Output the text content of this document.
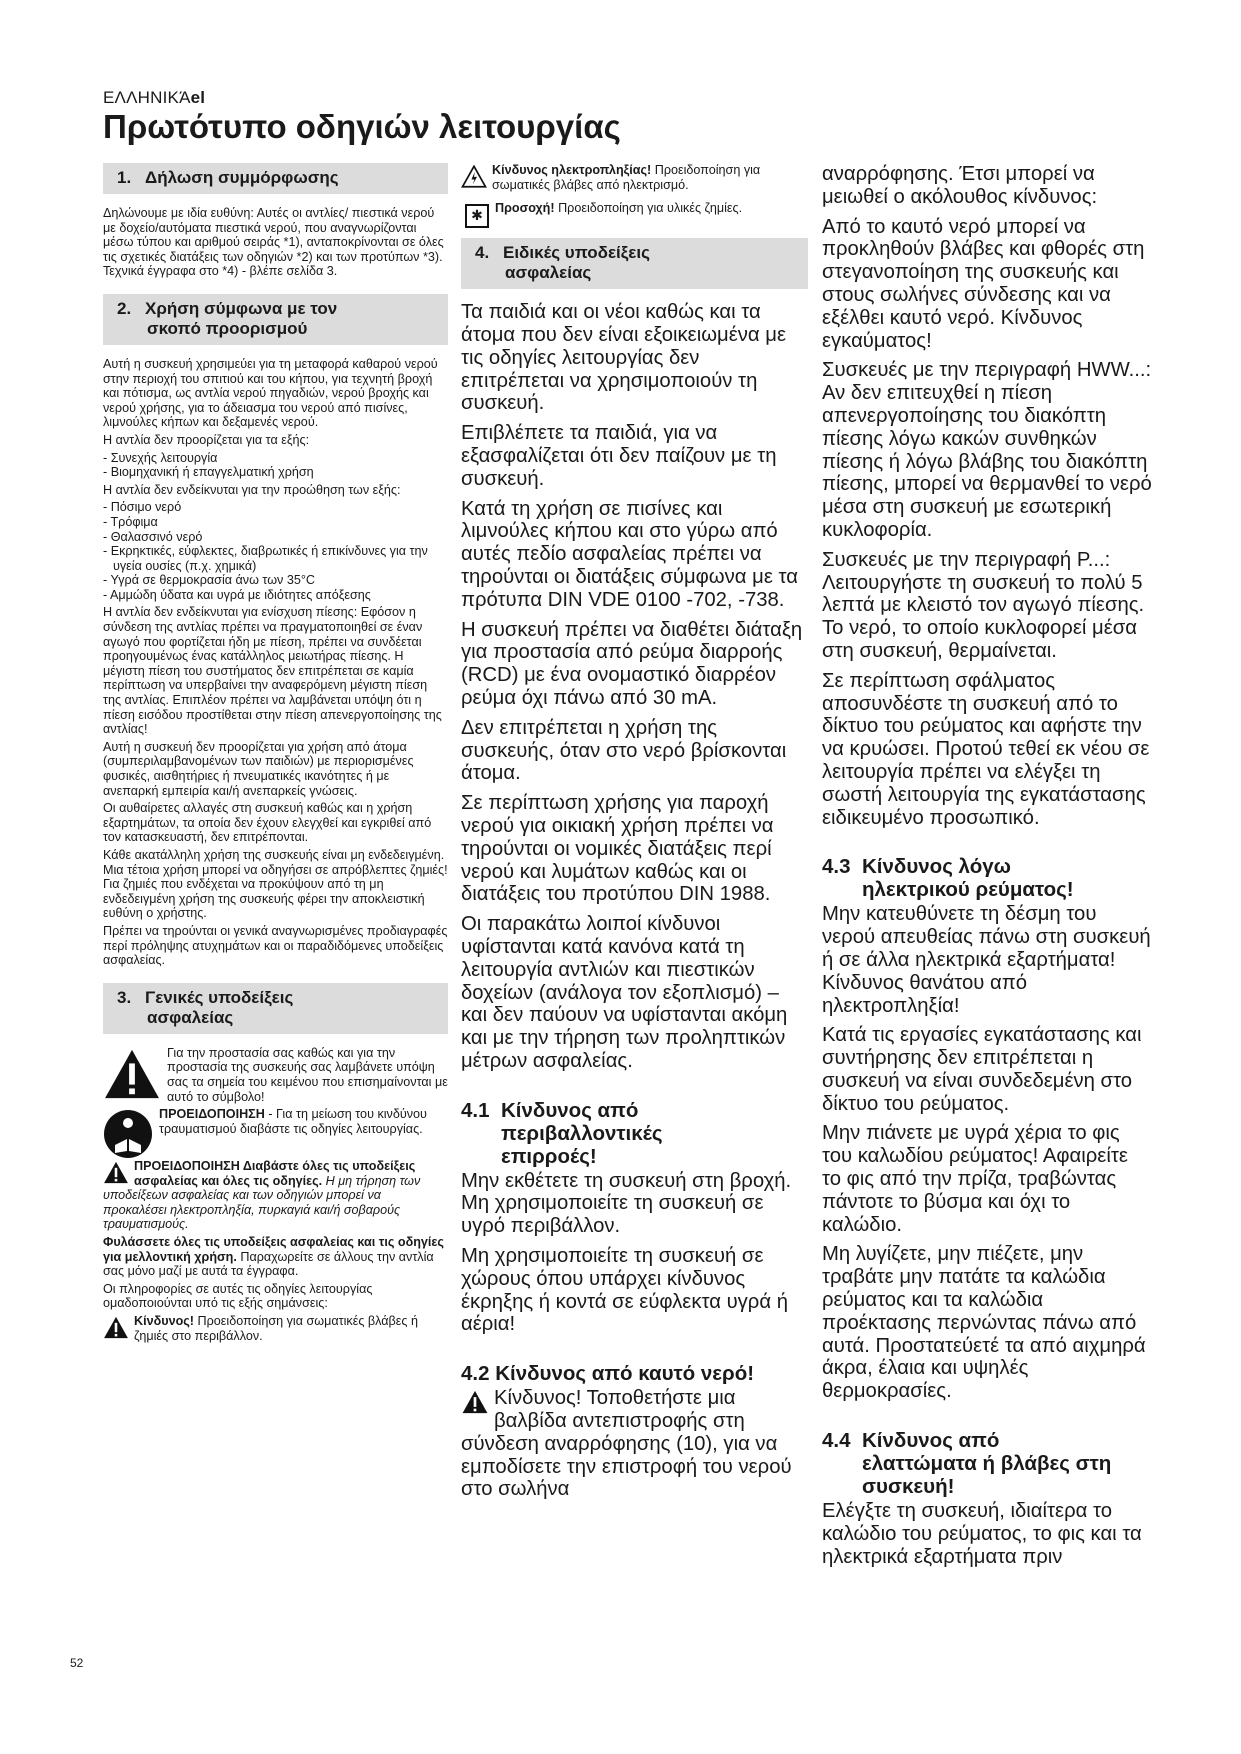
ΕΛΛΗΝΙΚΆel
Πρωτότυπο οδηγιών λειτουργίας
1. Δήλωση συμμόρφωσης

Δηλώνουμε με ιδία ευθύνη: Αυτές οι αντλίες/ πιεστικά νερού με δοχείο/αυτόματα πιεστικά νερού, που αναγνωρίζονται μέσω τύπου και αριθμού σειράς *1), ανταποκρίνονται σε όλες τις σχετικές διατάξεις των οδηγιών *2) και των προτύπων *3). Τεχνικά έγγραφα στο *4) - βλέπε σελίδα 3.

2. Χρήση σύμφωνα με τον
σκοπό προορισμού

Αυτή η συσκευή χρησιμεύει για τη μεταφορά καθαρού νερού στην περιοχή του σπιτιού και του κήπου, για τεχνητή βροχή και πότισμα, ως αντλία νερού πηγαδιών, νερού βροχής και νερού χρήσης, για το άδειασμα του νερού από πισίνες, λιμνούλες κήπων και δεξαμενές νερού.

Η αντλία δεν προορίζεται για τα εξής:

- Συνεχής λειτουργία
- Βιομηχανική ή επαγγελματική χρήση

Η αντλία δεν ενδείκνυται για την προώθηση των εξής:

- Πόσιμο νερό
- Τρόφιμα
- Θαλασσινό νερό
- Εκρηκτικές, εύφλεκτες, διαβρωτικές ή επικίνδυνες για την υγεία ουσίες (π.χ. χημικά)
- Υγρά σε θερμοκρασία άνω των 35°C
- Αμμώδη ύδατα και υγρά με ιδιότητες απόξεσης

Η αντλία δεν ενδείκνυται για ενίσχυση πίεσης: Εφόσον η σύνδεση της αντλίας πρέπει να πραγματοποιηθεί σε έναν αγωγό που φορτίζεται ήδη με πίεση, πρέπει να συνδέεται προηγουμένως ένας κατάλληλος μειωτήρας πίεσης. Η μέγιστη πίεση του συστήματος δεν επιτρέπεται σε καμία περίπτωση να υπερβαίνει την αναφερόμενη μέγιστη πίεση της αντλίας. Επιπλέον πρέπει να λαμβάνεται υπόψη ότι η πίεση εισόδου προστίθεται στην πίεση απενεργοποίησης της αντλίας!

Αυτή η συσκευή δεν προορίζεται για χρήση από άτομα (συμπεριλαμβανομένων των παιδιών) με περιορισμένες φυσικές, αισθητήριες ή πνευματικές ικανότητες ή με ανεπαρκή εμπειρία και/ή ανεπαρκείς γνώσεις.

Οι αυθαίρετες αλλαγές στη συσκευή καθώς και η χρήση εξαρτημάτων, τα οποία δεν έχουν ελεγχθεί και εγκριθεί από τον κατασκευαστή, δεν επιτρέπονται.

Κάθε ακατάλληλη χρήση της συσκευής είναι μη ενδεδειγμένη. Μια τέτοια χρήση μπορεί να οδηγήσει σε απρόβλεπτες ζημιές! Για ζημιές που ενδέχεται να προκύψουν από τη μη ενδεδειγμένη χρήση της συσκευής φέρει την αποκλειστική ευθύνη ο χρήστης.

Πρέπει να τηρούνται οι γενικά αναγνωρισμένες προδιαγραφές περί πρόληψης ατυχημάτων και οι παραδιδόμενες υποδείξεις ασφαλείας.

3. Γενικές υποδείξεις
ασφαλείας
Για την προστασία σας καθώς και για την προστασία της συσκευής σας λαμβάνετε υπόψη σας τα σημεία του κειμένου που επισημαίνονται με αυτό το σύμβολο!
ΠΡΟΕΙΔΟΠΟΙΗΣΗ - Για τη μείωση του κινδύνου τραυματισμού διαβάστε τις οδηγίες λειτουργίας.
ΠΡΟΕΙΔΟΠΟΙΗΣΗ Διαβάστε όλες τις υποδείξεις ασφαλείας και όλες τις οδηγίες. Η μη τήρηση των υποδείξεων ασφαλείας και των οδηγιών μπορεί να προκαλέσει ηλεκτροπληξία, πυρκαγιά και/ή σοβαρούς τραυματισμούς.
Φυλάσσετε όλες τις υποδείξεις ασφαλείας και τις οδηγίες για μελλοντική χρήση. Παραχωρείτε σε άλλους την αντλία σας μόνο μαζί με αυτά τα έγγραφα.

Οι πληροφορίες σε αυτές τις οδηγίες λειτουργίας ομαδοποιούνται υπό τις εξής σημάνσεις:

Κίνδυνος! Προειδοποίηση για σωματικές βλάβες ή ζημιές στο περιβάλλον.
Κίνδυνος ηλεκτροπληξίας! Προειδοποίηση για σωματικές βλάβες από ηλεκτρισμό.
✱ Προσοχή! Προειδοποίηση για υλικές ζημίες.
4. Ειδικές υποδείξεις
ασφαλείας

Τα παιδιά και οι νέοι καθώς και τα άτομα που δεν είναι εξοικειωμένα με τις οδηγίες λειτουργίας δεν επιτρέπεται να χρησιμοποιούν τη συσκευή.

Επιβλέπετε τα παιδιά, για να εξασφαλίζεται ότι δεν παίζουν με τη συσκευή.

Κατά τη χρήση σε πισίνες και λιμνούλες κήπου και στο γύρω από αυτές πεδίο ασφαλείας πρέπει να τηρούνται οι διατάξεις σύμφωνα με τα πρότυπα DIN VDE 0100 -702, -738.

Η συσκευή πρέπει να διαθέτει διάταξη για προστασία από ρεύμα διαρροής (RCD) με ένα ονομαστικό διαρρέον ρεύμα όχι πάνω από 30 mA.

Δεν επιτρέπεται η χρήση της συσκευής, όταν στο νερό βρίσκονται άτομα.

Σε περίπτωση χρήσης για παροχή νερού για οικιακή χρήση πρέπει να τηρούνται οι νομικές διατάξεις περί νερού και λυμάτων καθώς και οι διατάξεις του προτύπου DIN 1988.

Οι παρακάτω λοιποί κίνδυνοι υφίστανται κατά κανόνα κατά τη λειτουργία αντλιών και πιεστικών δοχείων (ανάλογα τον εξοπλισμό) – και δεν παύουν να υφίστανται ακόμη και με την τήρηση των προληπτικών μέτρων ασφαλείας.

4.1 Κίνδυνος από
περιβαλλοντικές
επιρροές!

Μην εκθέτετε τη συσκευή στη βροχή. Μη χρησιμοποιείτε τη συσκευή σε υγρό περιβάλλον.

Μη χρησιμοποιείτε τη συσκευή σε χώρους όπου υπάρχει κίνδυνος έκρηξης ή κοντά σε εύφλεκτα υγρά ή αέρια!

4.2 Κίνδυνος από καυτό νερό!

Κίνδυνος! Τοποθετήστε μια βαλβίδα αντεπιστροφής στη σύνδεση αναρρόφησης (10), για να εμποδίσετε την επιστροφή του νερού στο σωλήνα

αναρρόφησης. Έτσι μπορεί να μειωθεί ο ακόλουθος κίνδυνος:

Από το καυτό νερό μπορεί να προκληθούν βλάβες και φθορές στη στεγανοποίηση της συσκευής και στους σωλήνες σύνδεσης και να εξέλθει καυτό νερό. Κίνδυνος εγκαύματος!

Συσκευές με την περιγραφή HWW...: Αν δεν επιτευχθεί η πίεση απενεργοποίησης του διακόπτη πίεσης λόγω κακών συνθηκών πίεσης ή λόγω βλάβης του διακόπτη πίεσης, μπορεί να θερμανθεί το νερό μέσα στη συσκευή με εσωτερική κυκλοφορία.

Συσκευές με την περιγραφή P...: Λειτουργήστε τη συσκευή το πολύ 5 λεπτά με κλειστό τον αγωγό πίεσης. Το νερό, το οποίο κυκλοφορεί μέσα στη συσκευή, θερμαίνεται.

Σε περίπτωση σφάλματος αποσυνδέστε τη συσκευή από το δίκτυο του ρεύματος και αφήστε την να κρυώσει. Προτού τεθεί εκ νέου σε λειτουργία πρέπει να ελέγξει τη σωστή λειτουργία της εγκατάστασης ειδικευμένο προσωπικό.

4.3 Κίνδυνος λόγω
ηλεκτρικού ρεύματος!

Μην κατευθύνετε τη δέσμη του νερού απευθείας πάνω στη συσκευή ή σε άλλα ηλεκτρικά εξαρτήματα! Κίνδυνος θανάτου από ηλεκτροπληξία!

Κατά τις εργασίες εγκατάστασης και συντήρησης δεν επιτρέπεται η συσκευή να είναι συνδεδεμένη στο δίκτυο του ρεύματος.

Μην πιάνετε με υγρά χέρια το φις του καλωδίου ρεύματος! Αφαιρείτε το φις από την πρίζα, τραβώντας πάντοτε το βύσμα και όχι το καλώδιο.

Μη λυγίζετε, μην πιέζετε, μην τραβάτε μην πατάτε τα καλώδια ρεύματος και τα καλώδια προέκτασης περνώντας πάνω από αυτά. Προστατεύετέ τα από αιχμηρά άκρα, έλαια και υψηλές θερμοκρασίες.

4.4 Κίνδυνος από
ελαττώματα ή βλάβες στη
συσκευή!

Ελέγξτε τη συσκευή, ιδιαίτερα το καλώδιο του ρεύματος, το φις και τα ηλεκτρικά εξαρτήματα πριν

52
